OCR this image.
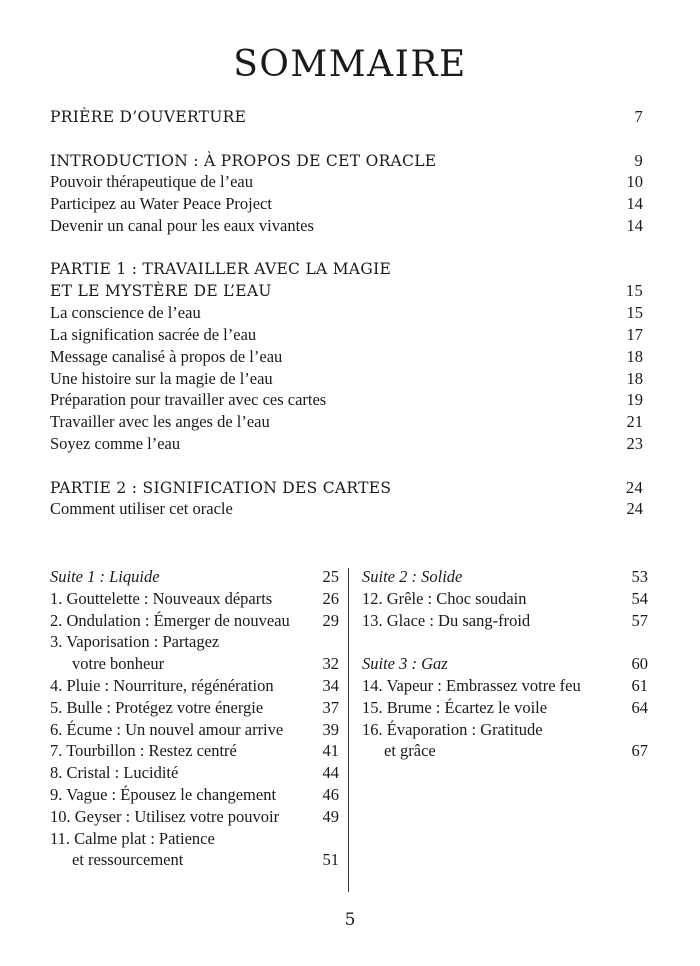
SOMMAIRE
PRIÈRE D’OUVERTURE	7
INTRODUCTION : À PROPOS DE CET ORACLE	9
Pouvoir thérapeutique de l’eau	10
Participez au Water Peace Project	14
Devenir un canal pour les eaux vivantes	14
PARTIE 1 : TRAVAILLER AVEC LA MAGIE
ET LE MYSTÈRE DE L’EAU	15
La conscience de l’eau	15
La signification sacrée de l’eau	17
Message canalisé à propos de l’eau	18
Une histoire sur la magie de l’eau	18
Préparation pour travailler avec ces cartes	19
Travailler avec les anges de l’eau	21
Soyez comme l’eau	23
PARTIE 2 : SIGNIFICATION DES CARTES	24
Comment utiliser cet oracle	24
Suite 1 : Liquide	25
1. Gouttelette : Nouveaux départs	26
2. Ondulation : Émerger de nouveau 29
3. Vaporisation : Partagez
votre bonheur	32
4. Pluie : Nourriture, régénération	34
5. Bulle : Protégez votre énergie	37
6. Écume : Un nouvel amour arrive 39
7. Tourbillon : Restez centré	41
8. Cristal : Lucidité	44
9. Vague : Épousez le changement	46
10. Geyser : Utilisez votre pouvoir	49
11. Calme plat : Patience
et ressourcement	51
Suite 2 : Solide	53
12. Grêle : Choc soudain	54
13. Glace : Du sang-froid	57
Suite 3 : Gaz	60
14. Vapeur : Embrassez votre feu	61
15. Brume : Écartez le voile	64
16. Évaporation : Gratitude
et grâce	67
5
